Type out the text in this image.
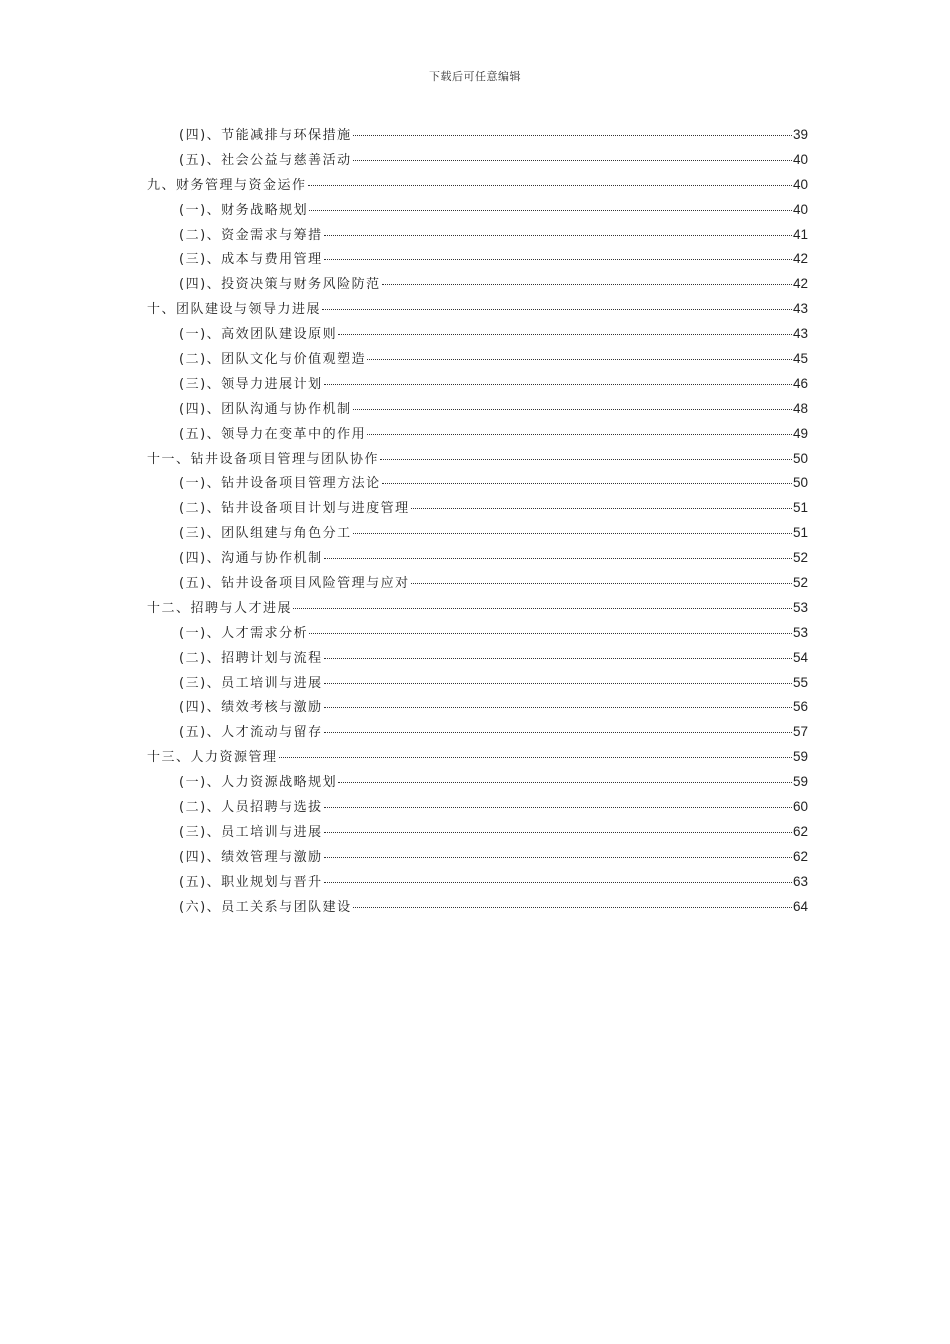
下载后可任意编辑
(四)、节能减排与环保措施	39
(五)、社会公益与慈善活动	40
九、财务管理与资金运作	40
(一)、财务战略规划	40
(二)、资金需求与筹措	41
(三)、成本与费用管理	42
(四)、投资决策与财务风险防范	42
十、团队建设与领导力进展	43
(一)、高效团队建设原则	43
(二)、团队文化与价值观塑造	45
(三)、领导力进展计划	46
(四)、团队沟通与协作机制	48
(五)、领导力在变革中的作用	49
十一、钻井设备项目管理与团队协作	50
(一)、钻井设备项目管理方法论	50
(二)、钻井设备项目计划与进度管理	51
(三)、团队组建与角色分工	51
(四)、沟通与协作机制	52
(五)、钻井设备项目风险管理与应对	52
十二、招聘与人才进展	53
(一)、人才需求分析	53
(二)、招聘计划与流程	54
(三)、员工培训与进展	55
(四)、绩效考核与激励	56
(五)、人才流动与留存	57
十三、人力资源管理	59
(一)、人力资源战略规划	59
(二)、人员招聘与选拔	60
(三)、员工培训与进展	62
(四)、绩效管理与激励	62
(五)、职业规划与晋升	63
(六)、员工关系与团队建设	64
